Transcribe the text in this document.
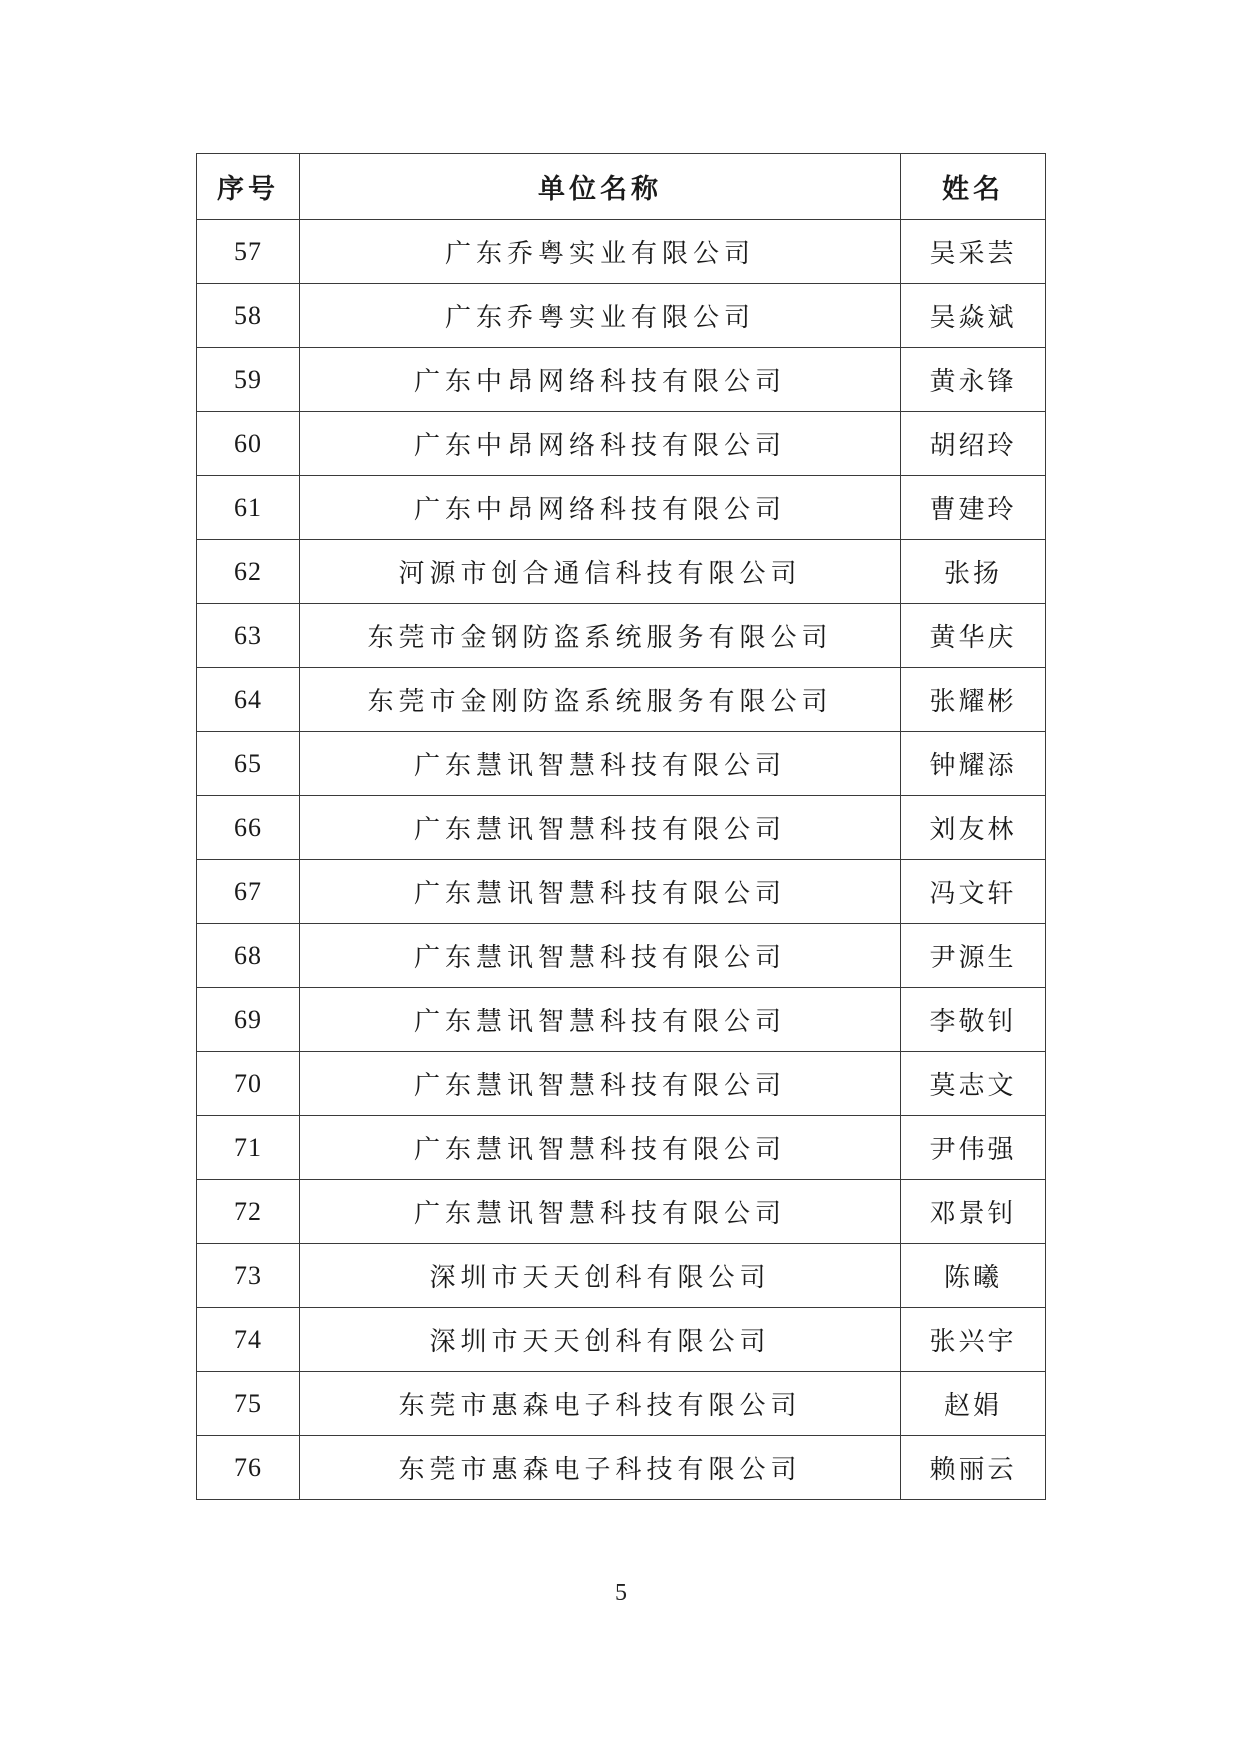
序号	单位名称	姓名
57	广东乔粤实业有限公司	吴采芸
58	广东乔粤实业有限公司	吴焱斌
59	广东中昂网络科技有限公司	黄永锋
60	广东中昂网络科技有限公司	胡绍玲
61	广东中昂网络科技有限公司	曹建玲
62	河源市创合通信科技有限公司	张扬
63	东莞市金钢防盗系统服务有限公司	黄华庆
64	东莞市金刚防盗系统服务有限公司	张耀彬
65	广东慧讯智慧科技有限公司	钟耀添
66	广东慧讯智慧科技有限公司	刘友林
67	广东慧讯智慧科技有限公司	冯文轩
68	广东慧讯智慧科技有限公司	尹源生
69	广东慧讯智慧科技有限公司	李敬钊
70	广东慧讯智慧科技有限公司	莫志文
71	广东慧讯智慧科技有限公司	尹伟强
72	广东慧讯智慧科技有限公司	邓景钊
73	深圳市天天创科有限公司	陈曦
74	深圳市天天创科有限公司	张兴宇
75	东莞市惠森电子科技有限公司	赵娟
76	东莞市惠森电子科技有限公司	赖丽云
5
